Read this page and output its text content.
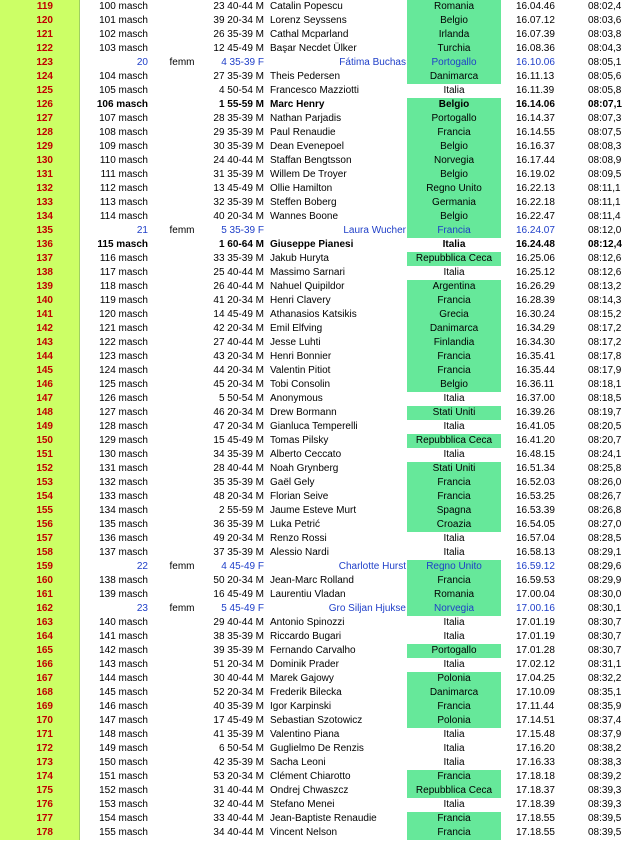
119	100 masch	23 40-44 M Catalin Popescu	Romania	16.04.46	08:02,4
120	101 masch	39 20-34 M Lorenz Seyssens	Belgio	16.07.12	08:03,6
121	102 masch	26 35-39 M Cathal Mcparland	Irlanda	16.07.39	08:03,8
122	103 masch	12 45-49 M Başar Necdet Ülker	Turchia	16.08.36	08:04,3
123	20	femm	4 35-39 F	Fátima Buchas	Portogallo	16.10.06	08:05,1
124	104 masch	27 35-39 M Theis Pedersen	Danimarca	16.11.13	08:05,6
125	105 masch	4 50-54 M Francesco Mazziotti	Italia	16.11.39	08:05,8
126	106 masch	1 55-59 M Marc Henry	Belgio	16.14.06	08:07,1
127	107 masch	28 35-39 M Nathan Parjadis	Portogallo	16.14.37	08:07,3
128	108 masch	29 35-39 M Paul Renaudie	Francia	16.14.55	08:07,5
129	109 masch	30 35-39 M Dean Evenepoel	Belgio	16.16.37	08:08,3
130	110 masch	24 40-44 M Staffan Bengtsson	Norvegia	16.17.44	08:08,9
131	111 masch	31 35-39 M Willem De Troyer	Belgio	16.19.02	08:09,5
132	112 masch	13 45-49 M Ollie Hamilton	Regno Unito	16.22.13	08:11,1
133	113 masch	32 35-39 M Steffen Boberg	Germania	16.22.18	08:11,1
134	114 masch	40 20-34 M Wannes Boone	Belgio	16.22.47	08:11,4
135	21	femm	5 35-39 F	Laura Wucher	Francia	16.24.07	08:12,0
136	115 masch	1 60-64 M Giuseppe Pianesi	Italia	16.24.48	08:12,4
137	116 masch	33 35-39 M Jakub Huryta	Repubblica Ceca	16.25.06	08:12,6
138	117 masch	25 40-44 M Massimo Sarnari	Italia	16.25.12	08:12,6
139	118 masch	26 40-44 M Nahuel Quipildor	Argentina	16.26.29	08:13,2
140	119 masch	41 20-34 M Henri Clavery	Francia	16.28.39	08:14,3
141	120 masch	14 45-49 M Athanasios Katsikis	Grecia	16.30.24	08:15,2
142	121 masch	42 20-34 M Emil Elfving	Danimarca	16.34.29	08:17,2
143	122 masch	27 40-44 M Jesse Luhti	Finlandia	16.34.30	08:17,2
144	123 masch	43 20-34 M Henri Bonnier	Francia	16.35.41	08:17,8
145	124 masch	44 20-34 M Valentin Pitiot	Francia	16.35.44	08:17,9
146	125 masch	45 20-34 M Tobi Consolin	Belgio	16.36.11	08:18,1
147	126 masch	5 50-54 M Anonymous	Italia	16.37.00	08:18,5
148	127 masch	46 20-34 M Drew Bormann	Stati Uniti	16.39.26	08:19,7
149	128 masch	47 20-34 M Gianluca Temperelli	Italia	16.41.05	08:20,5
150	129 masch	15 45-49 M Tomas Pilsky	Repubblica Ceca	16.41.20	08:20,7
151	130 masch	34 35-39 M Alberto Ceccato	Italia	16.48.15	08:24,1
152	131 masch	28 40-44 M Noah Grynberg	Stati Uniti	16.51.34	08:25,8
153	132 masch	35 35-39 M Gaël Gely	Francia	16.52.03	08:26,0
154	133 masch	48 20-34 M Florian Seive	Francia	16.53.25	08:26,7
155	134 masch	2 55-59 M Jaume Esteve Murt	Spagna	16.53.39	08:26,8
156	135 masch	36 35-39 M Luka Petrić	Croazia	16.54.05	08:27,0
157	136 masch	49 20-34 M Renzo Rossi	Italia	16.57.04	08:28,5
158	137 masch	37 35-39 M Alessio Nardi	Italia	16.58.13	08:29,1
159	22	femm	4 45-49 F	Charlotte Hurst	Regno Unito	16.59.12	08:29,6
160	138 masch	50 20-34 M Jean-Marc Rolland	Francia	16.59.53	08:29,9
161	139 masch	16 45-49 M Laurentiu Vladan	Romania	17.00.04	08:30,0
162	23	femm	5 45-49 F	Gro Siljan Hjukse	Norvegia	17.00.16	08:30,1
163	140 masch	29 40-44 M Antonio Spinozzi	Italia	17.01.19	08:30,7
164	141 masch	38 35-39 M Riccardo Bugari	Italia	17.01.19	08:30,7
165	142 masch	39 35-39 M Fernando Carvalho	Portogallo	17.01.28	08:30,7
166	143 masch	51 20-34 M Dominik Prader	Italia	17.02.12	08:31,1
167	144 masch	30 40-44 M Marek Gajowy	Polonia	17.04.25	08:32,2
168	145 masch	52 20-34 M Frederik Bilecka	Danimarca	17.10.09	08:35,1
169	146 masch	40 35-39 M Igor Karpinski	Francia	17.11.44	08:35,9
170	147 masch	17 45-49 M Sebastian Szotowicz	Polonia	17.14.51	08:37,4
171	148 masch	41 35-39 M Valentino Piana	Italia	17.15.48	08:37,9
172	149 masch	6 50-54 M Guglielmo De Renzis	Italia	17.16.20	08:38,2
173	150 masch	42 35-39 M Sacha Leoni	Italia	17.16.33	08:38,3
174	151 masch	53 20-34 M Clément Chiarotto	Francia	17.18.18	08:39,2
175	152 masch	31 40-44 M Ondrej Chwaszcz	Repubblica Ceca	17.18.37	08:39,3
176	153 masch	32 40-44 M Stefano Menei	Italia	17.18.39	08:39,3
177	154 masch	33 40-44 M Jean-Baptiste Renaudie	Francia	17.18.55	08:39,5
178	155 masch	34 40-44 M Vincent Nelson	Francia	17.18.55	08:39,5
